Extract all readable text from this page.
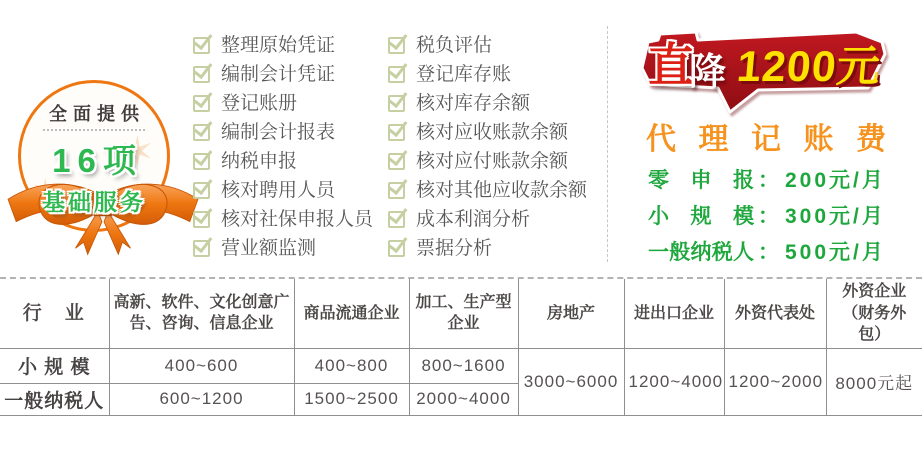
✶
✶
✶
全面提供
16项
基础服务
整理原始凭证
编制会计凭证
登记账册
编制会计报表
纳税申报
核对聘用人员
核对社保申报人员
营业额监测
税负评估
登记库存账
核对库存余额
核对应收账款余额
核对应付账款余额
核对其他应收款余额
成本利润分析
票据分析
直
降 1200元
代理记账费
零申报 ： 200元/月
小规模 ： 300元/月
一般纳税人 ： 500元/月
行　业	高新、软件、文化创意广告、咨询、信息企业	商品流通企业	加工、生产型企业	房地产	进出口企业	外资代表处	外资企业（财务外包）
小 规 模	400~600	400~800	800~1600	3000~6000	1200~4000	1200~2000	8000元起
一般纳税人	600~1200	1500~2500	2000~4000				
